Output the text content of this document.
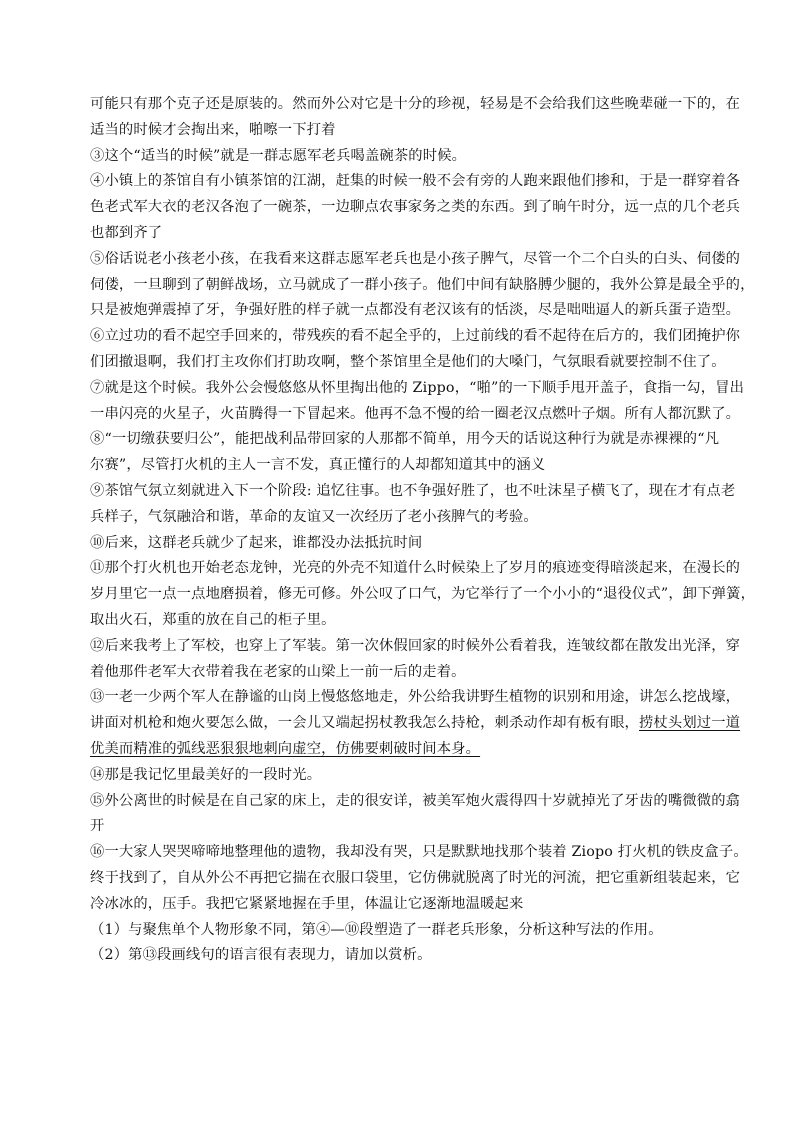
可能只有那个克子还是原装的。然而外公对它是十分的珍视，轻易是不会给我们这些晚辈碰一下的，在
适当的时候才会掏出来，啪嚓一下打着
③这个“适当的时候”就是一群志愿军老兵喝盖碗茶的时候。
④小镇上的茶馆自有小镇茶馆的江湖，赶集的时候一般不会有旁的人跑来跟他们掺和，于是一群穿着各
色老式军大衣的老汉各泡了一碗茶，一边聊点农事家务之类的东西。到了晌午时分，远一点的几个老兵
也都到齐了
⑤俗话说老小孩老小孩，在我看来这群志愿军老兵也是小孩子脾气，尽管一个二个白头的白头、伺偻的
伺偻，一旦聊到了朝鲜战场，立马就成了一群小孩子。他们中间有缺胳膊少腿的，我外公算是最全乎的，
只是被炮弹震掉了牙，争强好胜的样子就一点都没有老汉该有的恬淡，尽是咄咄逼人的新兵蛋子造型。
⑥立过功的看不起空手回来的，带残疾的看不起全乎的，上过前线的看不起待在后方的，我们团掩护你
们团撤退啊，我们打主攻你们打助攻啊，整个茶馆里全是他们的大嗓门，气氛眼看就要控制不住了。
⑦就是这个时候。我外公会慢悠悠从怀里掏出他的 Zippo，“啪”的一下顺手甩开盖子，食指一勾，冒出
一串闪亮的火星子，火苗腾得一下冒起来。他再不急不慢的给一圈老汉点燃叶子烟。所有人都沉默了。
⑧“一切缴获要归公”，能把战利品带回家的人那都不简单，用今天的话说这种行为就是赤裸裸的“凡
尔赛”，尽管打火机的主人一言不发，真正懂行的人却都知道其中的涵义
⑨茶馆气氛立刻就进入下一个阶段: 追忆往事。也不争强好胜了，也不吐沫星子横飞了，现在才有点老
兵样子，气氛融洽和谐，革命的友谊又一次经历了老小孩脾气的考验。
⑩后来，这群老兵就少了起来，谁都没办法抵抗时间
⑪那个打火机也开始老态龙钟，光亮的外壳不知道什么时候染上了岁月的痕迹变得暗淡起来，在漫长的
岁月里它一点一点地磨损着，修无可修。外公叹了口气，为它举行了一个小小的“退役仪式”，卸下弹簧，
取出火石，郑重的放在自己的柜子里。
⑫后来我考上了军校，也穿上了军装。第一次休假回家的时候外公看着我，连皱纹都在散发出光泽，穿
着他那件老军大衣带着我在老家的山梁上一前一后的走着。
⑬一老一少两个军人在静谧的山岗上慢悠悠地走，外公给我讲野生植物的识别和用途，讲怎么挖战壕，
讲面对机枪和炮火要怎么做，一会儿又端起拐杖教我怎么持枪，刺杀动作却有板有眼，捞杖头划过一道
优美而精准的弧线恶狠狠地刺向虚空，仿佛要刺破时间本身。
⑭那是我记忆里最美好的一段时光。
⑮外公离世的时候是在自己家的床上，走的很安详，被美军炮火震得四十岁就掉光了牙齿的嘴微微的翕
开
⑯一大家人哭哭啼啼地整理他的遗物，我却没有哭，只是默默地找那个装着 Ziopo 打火机的铁皮盒子。
终于找到了，自从外公不再把它揣在衣服口袋里，它仿佛就脱离了时光的河流，把它重新组装起来，它
冷冰冰的，压手。我把它紧紧地握在手里，体温让它逐渐地温暖起来
（1）与聚焦单个人物形象不同，第④—⑩段塑造了一群老兵形象，分析这种写法的作用。
（2）第⑬段画线句的语言很有表现力，请加以赏析。
